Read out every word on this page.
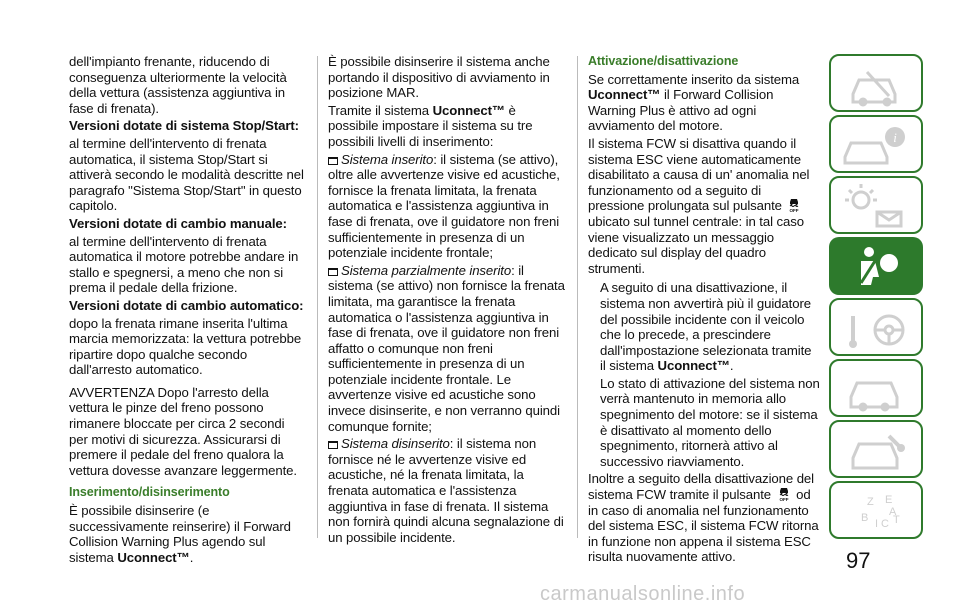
dell'impianto frenante, riducendo di conseguenza ulteriormente la velocità della vettura (assistenza aggiuntiva in fase di frenata).

Versioni dotate di sistema Stop/Start:

al termine dell'intervento di frenata automatica, il sistema Stop/Start si attiverà secondo le modalità descritte nel paragrafo "Sistema Stop/Start" in questo capitolo.

Versioni dotate di cambio manuale:

al termine dell'intervento di frenata automatica il motore potrebbe andare in stallo e spegnersi, a meno che non si prema il pedale della frizione.

Versioni dotate di cambio automatico:

dopo la frenata rimane inserita l'ultima marcia memorizzata: la vettura potrebbe ripartire dopo qualche secondo dall'arresto automatico.

AVVERTENZA Dopo l'arresto della vettura le pinze del freno possono rimanere bloccate per circa 2 secondi per motivi di sicurezza. Assicurarsi di premere il pedale del freno qualora la vettura dovesse avanzare leggermente.

Inserimento/disinserimento

È possibile disinserire (e successivamente reinserire) il Forward Collision Warning Plus agendo sul sistema Uconnect™.

È possibile disinserire il sistema anche portando il dispositivo di avviamento in posizione MAR.

Tramite il sistema Uconnect™ è possibile impostare il sistema su tre possibili livelli di inserimento:

Sistema inserito: il sistema (se attivo), oltre alle avvertenze visive ed acustiche, fornisce la frenata limitata, la frenata automatica e l'assistenza aggiuntiva in fase di frenata, ove il guidatore non freni sufficientemente in presenza di un potenziale incidente frontale;

Sistema parzialmente inserito: il sistema (se attivo) non fornisce la frenata limitata, ma garantisce la frenata automatica o l'assistenza aggiuntiva in fase di frenata, ove il guidatore non freni affatto o comunque non freni sufficientemente in presenza di un potenziale incidente frontale. Le avvertenze visive ed acustiche sono invece disinserite, e non verranno quindi comunque fornite;

Sistema disinserito: il sistema non fornisce né le avvertenze visive ed acustiche, né la frenata limitata, la frenata automatica e l'assistenza aggiuntiva in fase di frenata. Il sistema non fornirà quindi alcuna segnalazione di un possibile incidente.

Attivazione/disattivazione

Se correttamente inserito da sistema Uconnect™ il Forward Collision Warning Plus è attivo ad ogni avviamento del motore.

Il sistema FCW si disattiva quando il sistema ESC viene automaticamente disabilitato a causa di un' anomalia nel funzionamento od a seguito di pressione prolungata sul pulsante OFF
ubicato sul tunnel centrale: in tal caso viene visualizzato un messaggio dedicato sul display del quadro strumenti.

A seguito di una disattivazione, il sistema non avvertirà più il guidatore del possibile incidente con il veicolo che lo precede, a prescindere dall'impostazione selezionata tramite il sistema Uconnect™.

Lo stato di attivazione del sistema non verrà mantenuto in memoria allo spegnimento del motore: se il sistema è disattivato al momento dello spegnimento, ritornerà attivo al successivo riavviamento.

Inoltre a seguito della disattivazione del sistema FCW tramite il pulsante OFF od in caso di anomalia nel funzionamento del sistema ESC, il sistema FCW ritorna in funzione non appena il sistema ESC risulta nuovamente attivo.

i
Z E
B I C T
A
97
carmanualsonline.info
